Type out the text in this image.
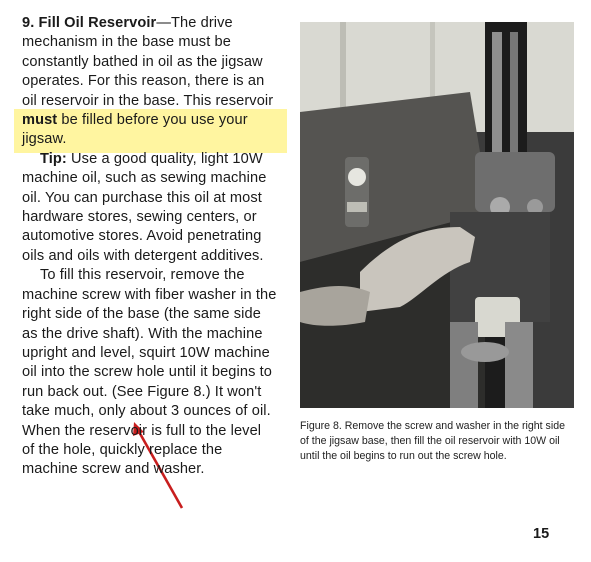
9. Fill Oil Reservoir—The drive mechanism in the base must be constantly bathed in oil as the jigsaw operates. For this reason, there is an oil reservoir in the base. This reservoir must be filled before you use your jigsaw.

Tip: Use a good quality, light 10W machine oil, such as sewing machine oil. You can purchase this oil at most hardware stores, sewing centers, or automotive stores. Avoid penetrating oils and oils with detergent additives.

To fill this reservoir, remove the machine screw with fiber washer in the right side of the base (the same side as the drive shaft). With the machine upright and level, squirt 10W machine oil into the screw hole until it begins to run back out. (See Figure 8.) It won't take much, only about 3 ounces of oil. When the reservoir is full to the level of the hole, quickly replace the machine screw and washer.

Figure 8. Remove the screw and washer in the right side of the jigsaw base, then fill the oil reservoir with 10W oil until the oil begins to run out the screw hole.
15
